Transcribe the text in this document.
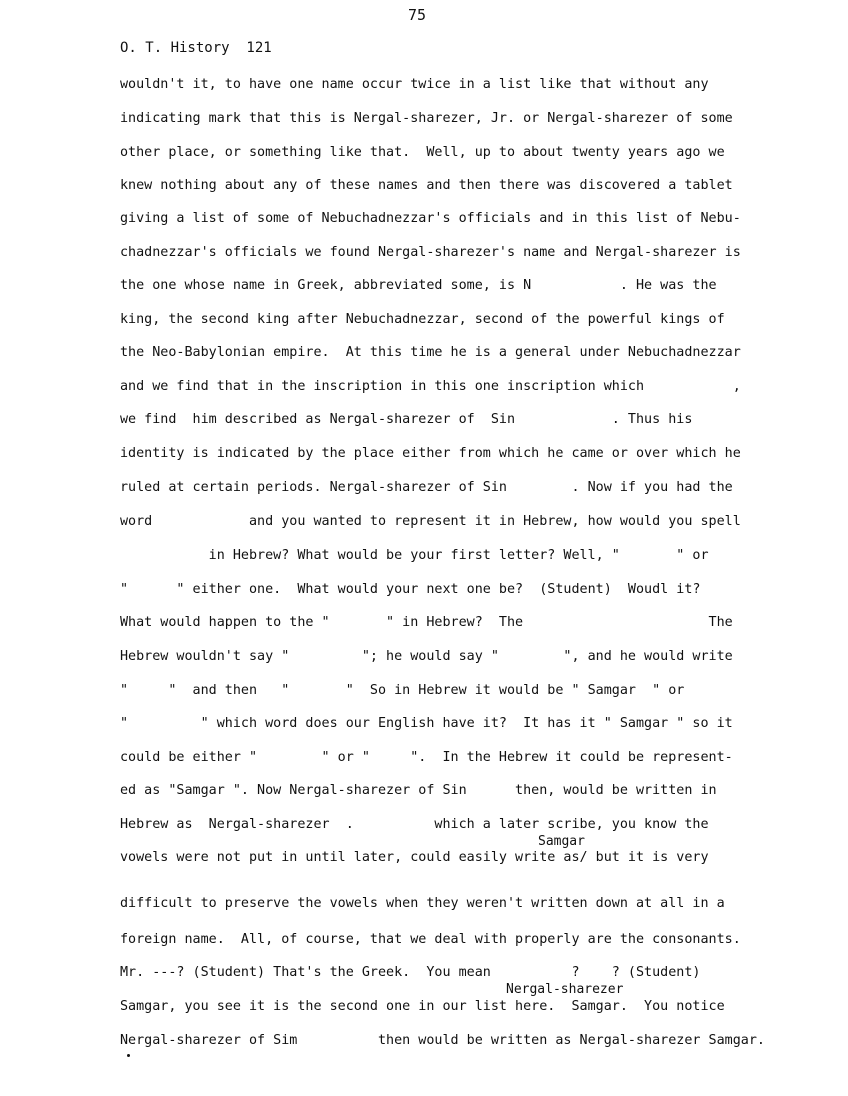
75
O. T. History  121
wouldn't it, to have one name occur twice in a list like that without any
indicating mark that this is Nergal-sharezer, Jr. or Nergal-sharezer of some
other place, or something like that.  Well, up to about twenty years ago we
knew nothing about any of these names and then there was discovered a tablet
giving a list of some of Nebuchadnezzar's officials and in this list of Nebu-
chadnezzar's officials we found Nergal-sharezer's name and Nergal-sharezer is
the one whose name in Greek, abbreviated some, is N           . He was the
king, the second king after Nebuchadnezzar, second of the powerful kings of
the Neo-Babylonian empire.  At this time he is a general under Nebuchadnezzar
and we find that in the inscription in this one inscription which           ,
we find  him described as Nergal-sharezer of  Sin            . Thus his
identity is indicated by the place either from which he came or over which he
ruled at certain periods. Nergal-sharezer of Sin        . Now if you had the
word            and you wanted to represent it in Hebrew, how would you spell
in Hebrew? What would be your first letter? Well, "       " or
"      " either one.  What would your next one be?  (Student)  Woudl it?
What would happen to the "       " in Hebrew?  The                       The
Hebrew wouldn't say "         "; he would say "        ", and he would write
"     "  and then   "       "  So in Hebrew it would be " Samgar  " or
"         " which word does our English have it?  It has it " Samgar " so it
could be either "        " or "     ".  In the Hebrew it could be represent-
ed as "Samgar ". Now Nergal-sharezer of Sin      then, would be written in
Hebrew as  Nergal-sharezer  .          which a later scribe, you know the
Samgar
vowels were not put in until later, could easily write as/ but it is very
difficult to preserve the vowels when they weren't written down at all in a
foreign name.  All, of course, that we deal with properly are the consonants.
Mr. ---? (Student) That's the Greek.  You mean          ?    ? (Student)
Nergal-sharezer
Samgar, you see it is the second one in our list here.  Samgar.  You notice
Nergal-sharezer of Sim          then would be written as Nergal-sharezer Samgar.
